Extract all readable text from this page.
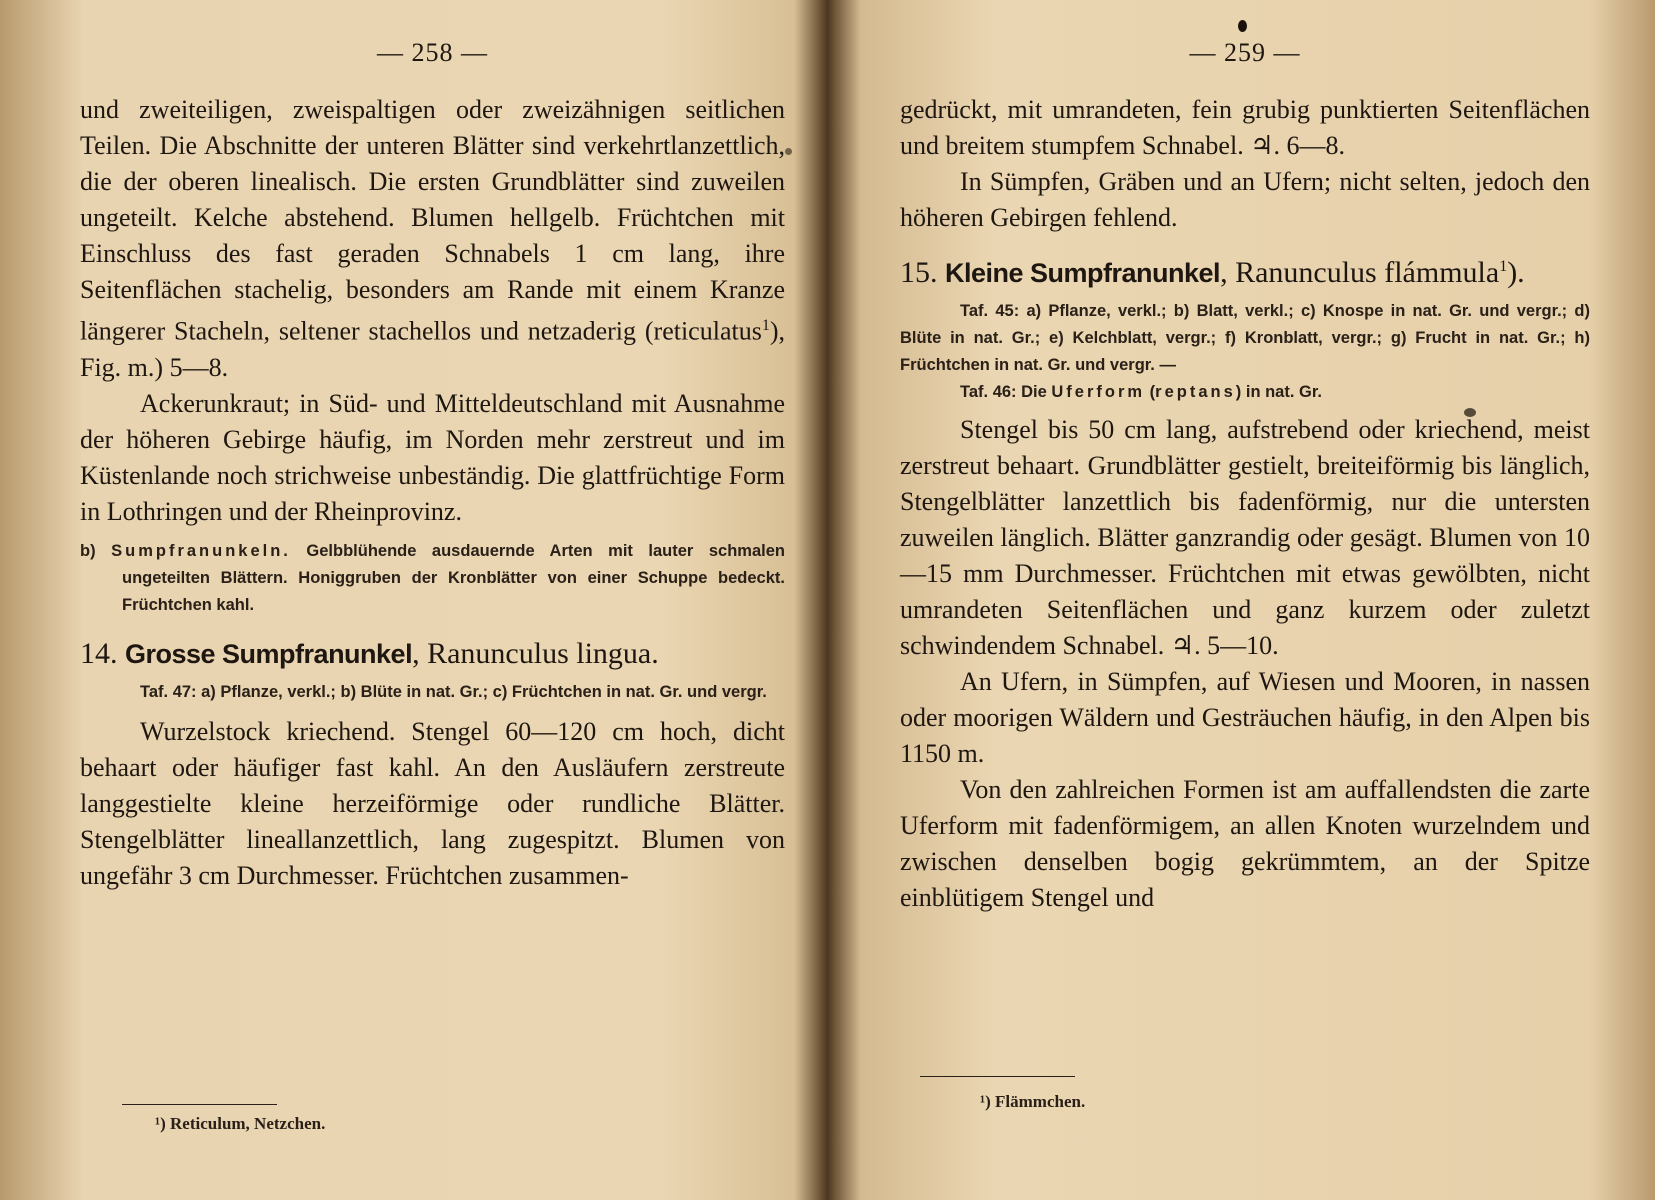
— 258 —

und zweiteiligen, zweispaltigen oder zweizähnigen seitlichen Teilen. Die Abschnitte der unteren Blätter sind verkehrtlanzettlich, die der oberen linealisch. Die ersten Grundblätter sind zuweilen ungeteilt. Kelche abstehend. Blumen hellgelb. Früchtchen mit Einschluss des fast geraden Schnabels 1 cm lang, ihre Seitenflächen stachelig, besonders am Rande mit einem Kranze längerer Stacheln, seltener stachellos und netzaderig (reticulatus$^1$), Fig. m.) 5—8.

Ackerunkraut; in Süd- und Mitteldeutschland mit Ausnahme der höheren Gebirge häufig, im Norden mehr zerstreut und im Küstenlande noch strichweise unbeständig. Die glattfrüchtige Form in Lothringen und der Rheinprovinz.

b) Sumpfranunkeln. Gelbblühende ausdauernde Arten mit lauter schmalen ungeteilten Blättern. Honiggruben der Kronblätter von einer Schuppe bedeckt. Früchtchen kahl.

14. Grosse Sumpfranunkel, Ranunculus lingua.

Taf. 47: a) Pflanze, verkl.; b) Blüte in nat. Gr.; c) Früchtchen in nat. Gr. und vergr.

Wurzelstock kriechend. Stengel 60—120 cm hoch, dicht behaart oder häufiger fast kahl. An den Ausläufern zerstreute langgestielte kleine herzeiförmige oder rundliche Blätter. Stengelblätter lineallanzettlich, lang zugespitzt. Blumen von ungefähr 3 cm Durchmesser. Früchtchen zusammen-

¹) Reticulum, Netzchen.
— 259 —

gedrückt, mit umrandeten, fein grubig punktierten Seitenflächen und breitem stumpfem Schnabel. ♃. 6—8.

In Sümpfen, Gräben und an Ufern; nicht selten, jedoch den höheren Gebirgen fehlend.

15. Kleine Sumpfranunkel, Ranunculus flámmula$^1$).

Taf. 45: a) Pflanze, verkl.; b) Blatt, verkl.; c) Knospe in nat. Gr. und vergr.; d) Blüte in nat. Gr.; e) Kelchblatt, vergr.; f) Kronblatt, vergr.; g) Frucht in nat. Gr.; h) Früchtchen in nat. Gr. und vergr. —

Taf. 46: Die Uferform (reptans) in nat. Gr.

Stengel bis 50 cm lang, aufstrebend oder kriechend, meist zerstreut behaart. Grundblätter gestielt, breiteiförmig bis länglich, Stengelblätter lanzettlich bis fadenförmig, nur die untersten zuweilen länglich. Blätter ganzrandig oder gesägt. Blumen von 10—15 mm Durchmesser. Früchtchen mit etwas gewölbten, nicht umrandeten Seitenflächen und ganz kurzem oder zuletzt schwindendem Schnabel. ♃. 5—10.

An Ufern, in Sümpfen, auf Wiesen und Mooren, in nassen oder moorigen Wäldern und Gesträuchen häufig, in den Alpen bis 1150 m.

Von den zahlreichen Formen ist am auffallendsten die zarte Uferform mit fadenförmigem, an allen Knoten wurzelndem und zwischen denselben bogig gekrümmtem, an der Spitze einblütigem Stengel und

¹) Flämmchen.
